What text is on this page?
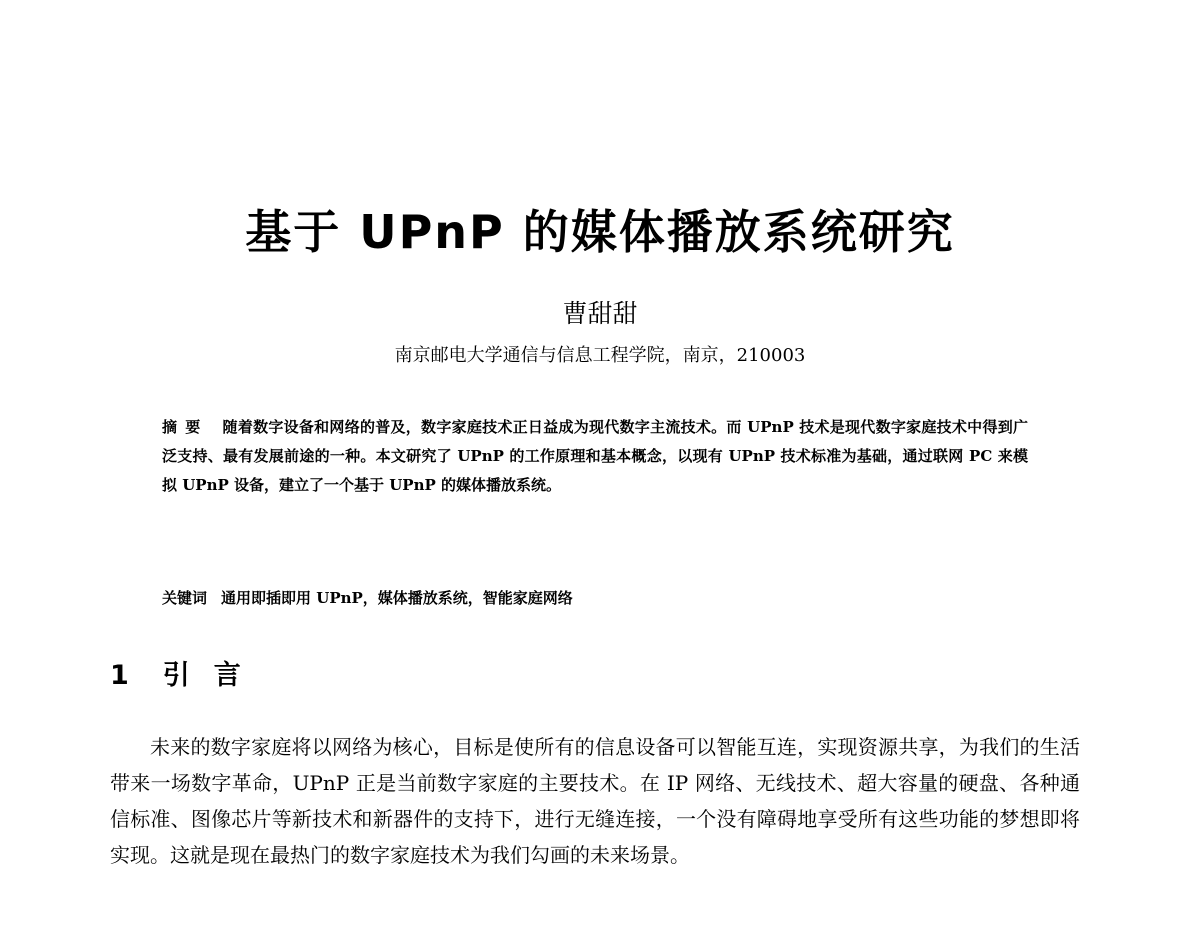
基于 UPnP 的媒体播放系统研究
曹甜甜
南京邮电大学通信与信息工程学院，南京，210003
摘要 随着数字设备和网络的普及，数字家庭技术正日益成为现代数字主流技术。而 UPnP 技术是现代数字家庭技术中得到广泛支持、最有发展前途的一种。本文研究了 UPnP 的工作原理和基本概念，以现有 UPnP 技术标准为基础，通过联网 PC 来模拟 UPnP 设备，建立了一个基于 UPnP 的媒体播放系统。
关键词 通用即插即用 UPnP，媒体播放系统，智能家庭网络
1 引言
未来的数字家庭将以网络为核心，目标是使所有的信息设备可以智能互连，实现资源共享，为我们的生活带来一场数字革命，UPnP 正是当前数字家庭的主要技术。在 IP 网络、无线技术、超大容量的硬盘、各种通信标准、图像芯片等新技术和新器件的支持下，进行无缝连接，一个没有障碍地享受所有这些功能的梦想即将实现。这就是现在最热门的数字家庭技术为我们勾画的未来场景。
